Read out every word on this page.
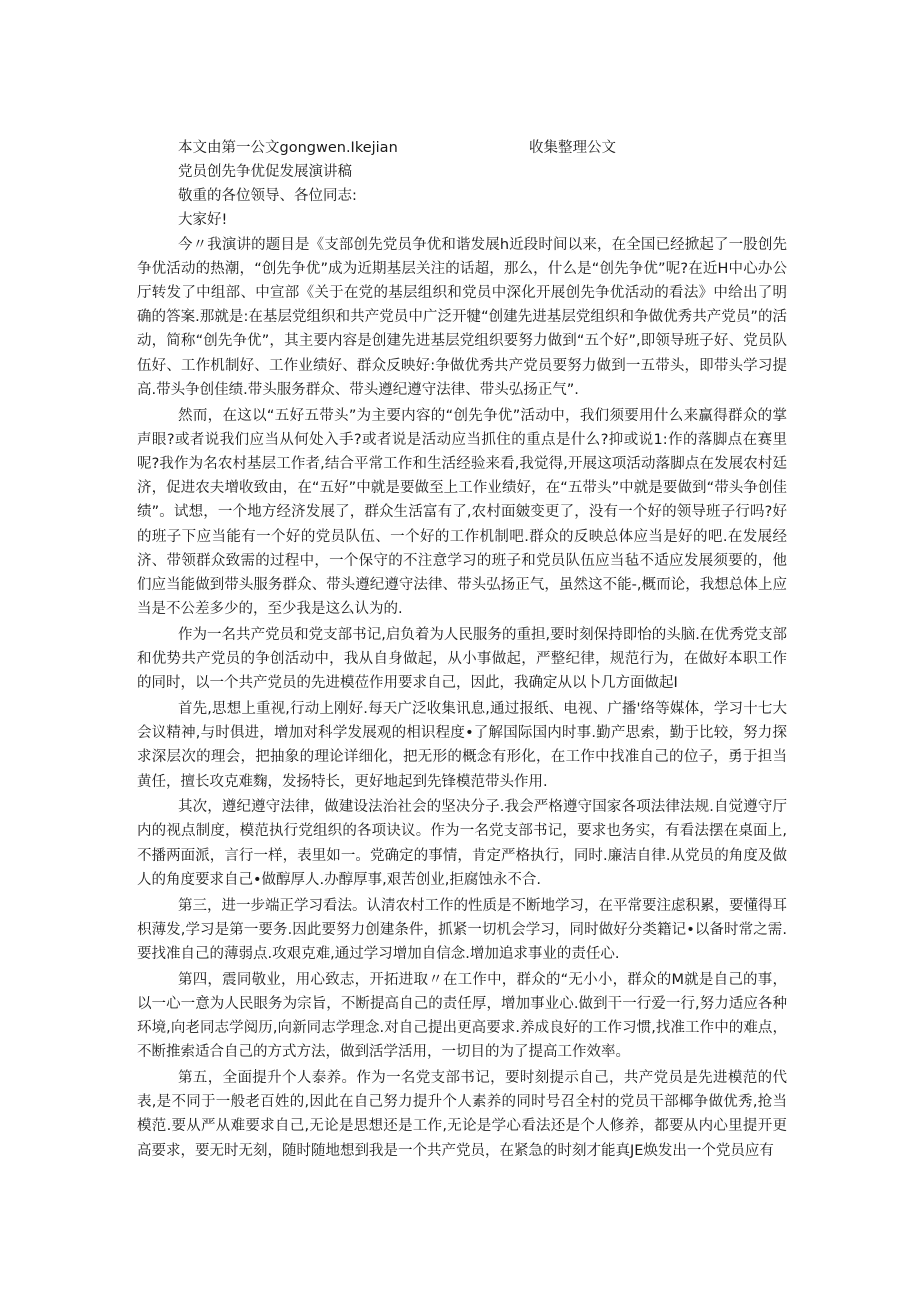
本文由第一公文gongwen.Ikejian	收集整理公文
党员创先争优促发展演讲稿
敬重的各位领导、各位同志:
大家好!

今〃我演讲的题目是《支部创先党员争优和谐发展h近段时间以来，在全国已经掀起了一股创先争优活动的热潮，“创先争优”成为近期基层关注的话超，那么，什么是“创先争优”呢?在近H中心办公厅转发了中组部、中宣部《关于在党的基层组织和党员中深化开展创先争优活动的看法》中给出了明确的答案.那就是:在基层党组织和共产党员中广泛开犍“创建先进基层党组织和争做优秀共产党员”的活动，简称“创先争优”，其主要内容是创建先进基层党组织要努力做到“五个好”,即领导班子好、党员队伍好、工作机制好、工作业绩好、群众反映好:争做优秀共产党员要努力做到一五带头，即带头学习提高.带头争创佳绩.带头服务群众、带头遵纪遵守法律、带头弘扬正气”.

然而，在这以“五好五带头”为主要内容的“创先争优”活动中，我们须要用什么来赢得群众的掌声眼?或者说我们应当从何处入手?或者说是活动应当抓住的重点是什么?抑或说1:作的落脚点在赛里呢?我作为名农村基层工作者,结合平常工作和生活经验来看,我觉得,开展这项活动落脚点在发展农村廷济，促进农夫增收致由，在“五好”中就是要做至上工作业绩好，在“五带头”中就是要做到“带头争创佳绩”。试想，一个地方经济发展了，群众生活富有了,农村面皴变更了，没有一个好的领导班子行吗?好的班子下应当能有一个好的党员队伍、一个好的工作机制吧.群众的反映总体应当是好的吧.在发展经济、带领群众致需的过程中，一个保守的不注意学习的班子和党员队伍应当毡不适应发展须要的，他们应当能做到带头服务群众、带头遵纪遵守法律、带头弘扬正气，虽然这不能-,概而论，我想总体上应当是不公差多少的，至少我是这么认为的.

作为一名共产党员和党支部书记,启负着为人民服务的重担,要时刻保持即怡的头脑.在优秀党支部和优势共产党员的争创活动中，我从自身做起，从小事做起，严整纪律，规范行为，在做好本职工作的同时，以一个共产党员的先进模莅作用要求自己，因此，我确定从以卜几方面做起I

首先,思想上重视,行动上刚好.每天广泛收集讯息,通过报纸、电视、广播'络等媒体，学习十七大会议精神,与时俱进，增加对科学发展观的相识程度•了解国际国内时事.勤产思索，勤于比较，努力探求深层次的理会，把抽象的理论详细化，把无形的概念有形化，在工作中找准自己的位子，勇于担当黄任，擅长攻克难麴，发扬特长，更好地起到先锋模范带头作用.

其次，遵纪遵守法律，做建设法治社会的坚决分子.我会严格遵守国家各项法律法规.自觉遵守厅内的视点制度，模范执行党组织的各项诀议。作为一名党支部书记，要求也务实，有看法摆在桌面上,不播两面派，言行一样，表里如一。党确定的事情，肯定严格执行，同时.廉洁自律.从党员的角度及做人的角度要求自己•做醇厚人.办醇厚事,艰苦创业,拒腐蚀永不合.

第三，进一步端正学习看法。认清农村工作的性质是不断地学习，在平常要注虑积累，要懂得耳枳薄发,学习是第一要务.因此要努力创建条件，抓紧一切机会学习，同时做好分类籍记•以备时常之需.要找准自己的薄弱点.攻艰克难,通过学习增加自信念.增加追求事业的责任心.

第四，震同敬业，用心致志，开拓进取〃在工作中，群众的“无小小，群众的M就是自己的事，以一心一意为人民眼务为宗旨，不断提高自己的责任厚，增加事业心.做到干一行爱一行,努力适应各种环境,向老同志学阅历,向新同志学理念.对自己提出更高要求.养成良好的工作习惯,找准工作中的难点，不断推索适合自己的方式方法，做到活学活用，一切目的为了提高工作效率。

第五，全面提升个人泰养。作为一名党支部书记，要时刻提示自己，共产党员是先进模范的代表,是不同于一般老百姓的,因此在自己努力提升个人素养的同时号召全村的党员干部椰争做优秀,抢当模范.要从严从难要求自己,无论是思想还是工作,无论是学心看法还是个人修养，都要从内心里提开更高要求，要无时无刻，随时随地想到我是一个共产党员，在紧急的时刻才能真JE焕发出一个党员应有
